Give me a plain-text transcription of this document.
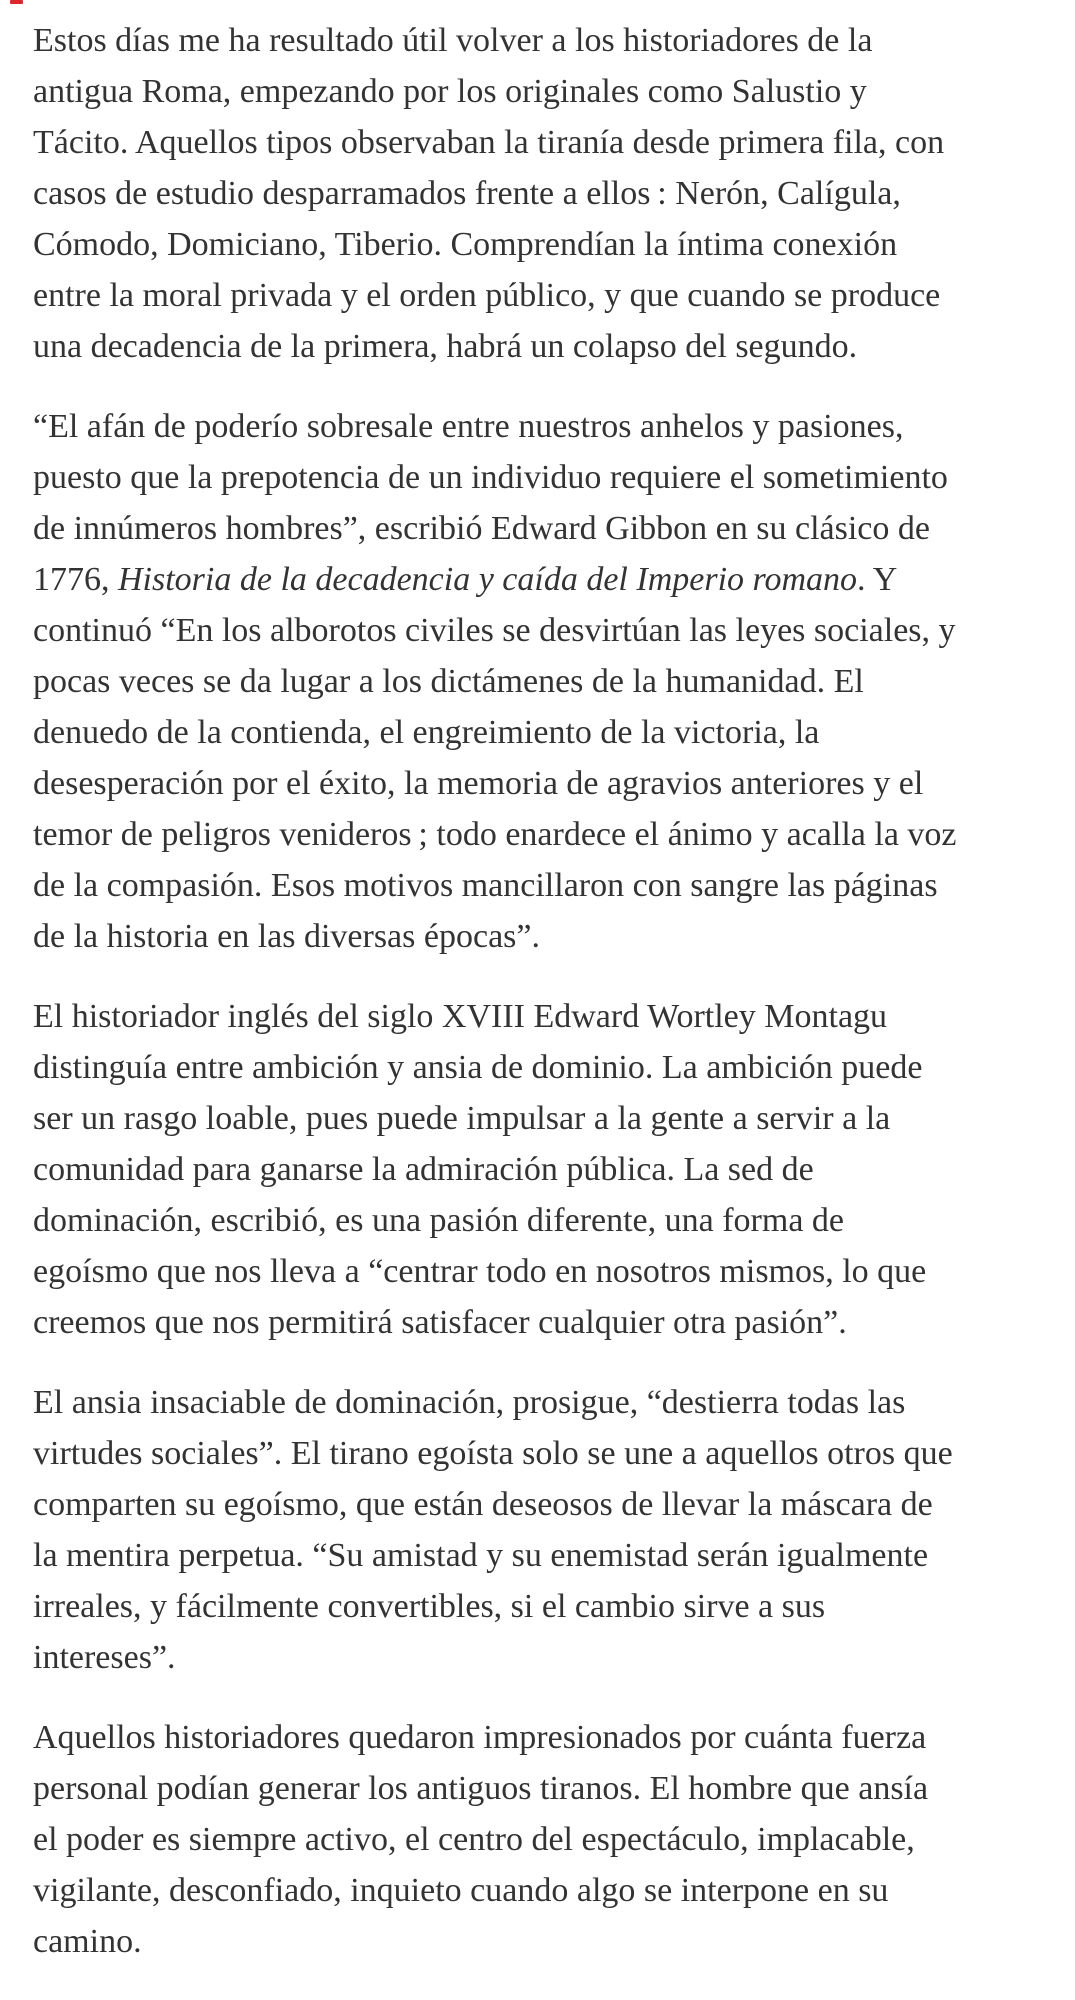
Estos días me ha resultado útil volver a los historiadores de la
antigua Roma, empezando por los originales como Salustio y
Tácito. Aquellos tipos observaban la tiranía desde primera fila, con
casos de estudio desparramados frente a ellos : Nerón, Calígula,
Cómodo, Domiciano, Tiberio. Comprendían la íntima conexión
entre la moral privada y el orden público, y que cuando se produce
una decadencia de la primera, habrá un colapso del segundo.

“El afán de poderío sobresale entre nuestros anhelos y pasiones,
puesto que la prepotencia de un individuo requiere el sometimiento
de innúmeros hombres”, escribió Edward Gibbon en su clásico de
1776, Historia de la decadencia y caída del Imperio romano. Y
continuó “En los alborotos civiles se desvirtúan las leyes sociales, y
pocas veces se da lugar a los dictámenes de la humanidad. El
denuedo de la contienda, el engreimiento de la victoria, la
desesperación por el éxito, la memoria de agravios anteriores y el
temor de peligros venideros ; todo enardece el ánimo y acalla la voz
de la compasión. Esos motivos mancillaron con sangre las páginas
de la historia en las diversas épocas”.

El historiador inglés del siglo XVIII Edward Wortley Montagu
distinguía entre ambición y ansia de dominio. La ambición puede
ser un rasgo loable, pues puede impulsar a la gente a servir a la
comunidad para ganarse la admiración pública. La sed de
dominación, escribió, es una pasión diferente, una forma de
egoísmo que nos lleva a “centrar todo en nosotros mismos, lo que
creemos que nos permitirá satisfacer cualquier otra pasión”.

El ansia insaciable de dominación, prosigue, “destierra todas las
virtudes sociales”. El tirano egoísta solo se une a aquellos otros que
comparten su egoísmo, que están deseosos de llevar la máscara de
la mentira perpetua. “Su amistad y su enemistad serán igualmente
irreales, y fácilmente convertibles, si el cambio sirve a sus
intereses”.

Aquellos historiadores quedaron impresionados por cuánta fuerza
personal podían generar los antiguos tiranos. El hombre que ansía
el poder es siempre activo, el centro del espectáculo, implacable,
vigilante, desconfiado, inquieto cuando algo se interpone en su
camino.
